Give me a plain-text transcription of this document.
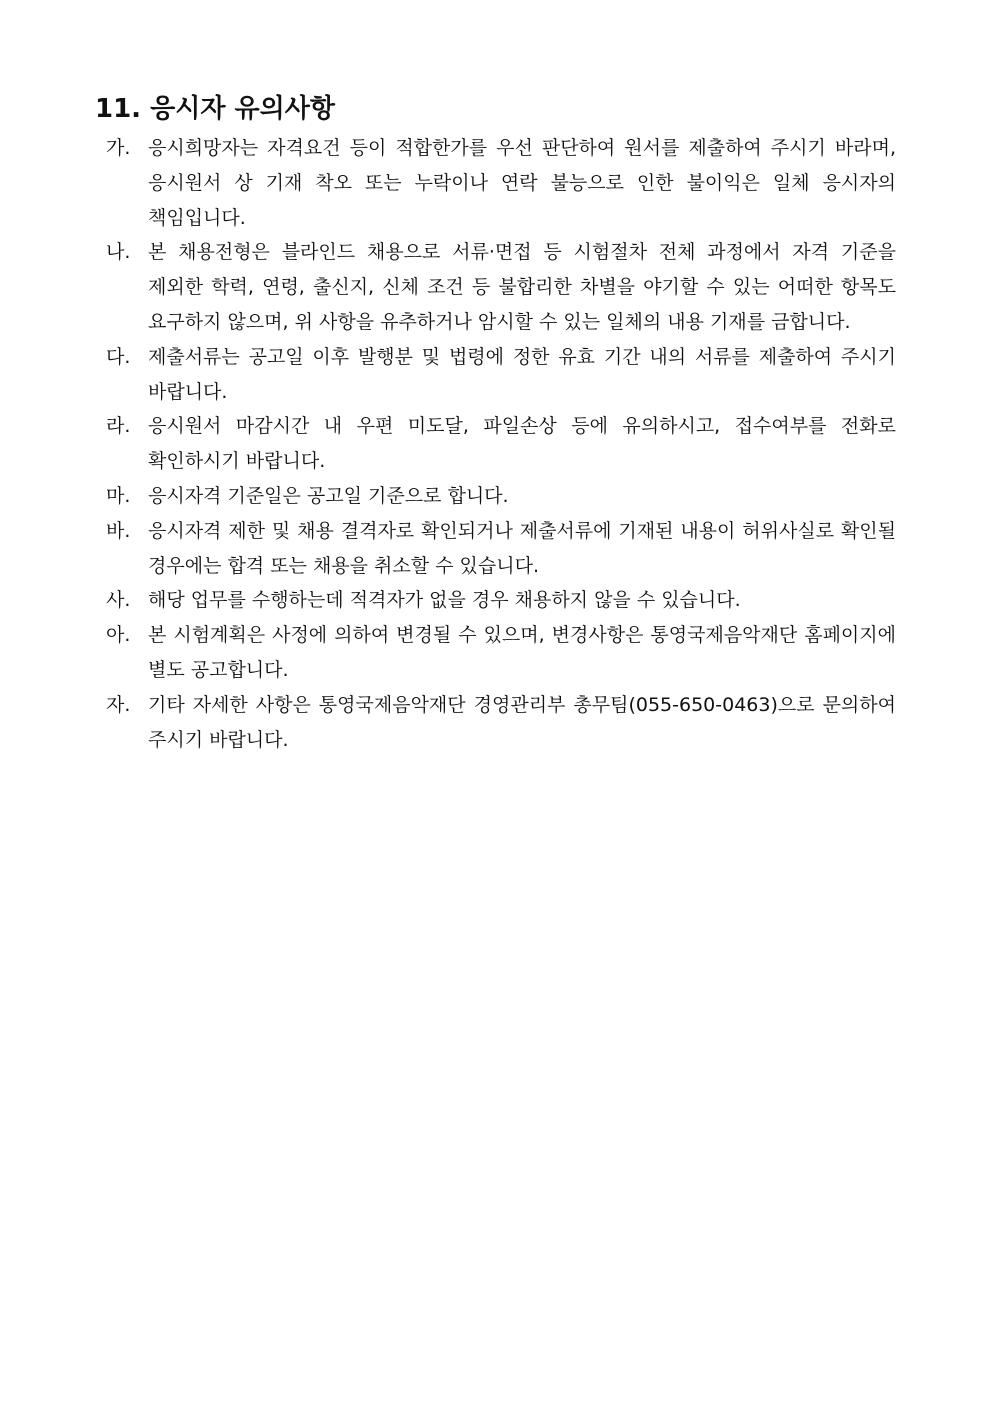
11. 응시자 유의사항
가. 응시희망자는 자격요건 등이 적합한가를 우선 판단하여 원서를 제출하여 주시기 바라며, 응시원서 상 기재 착오 또는 누락이나 연락 불능으로 인한 불이익은 일체 응시자의 책임입니다.
나. 본 채용전형은 블라인드 채용으로 서류·면접 등 시험절차 전체 과정에서 자격 기준을 제외한 학력, 연령, 출신지, 신체 조건 등 불합리한 차별을 야기할 수 있는 어떠한 항목도 요구하지 않으며, 위 사항을 유추하거나 암시할 수 있는 일체의 내용 기재를 금합니다.
다. 제출서류는 공고일 이후 발행분 및 법령에 정한 유효 기간 내의 서류를 제출하여 주시기 바랍니다.
라. 응시원서 마감시간 내 우편 미도달, 파일손상 등에 유의하시고, 접수여부를 전화로 확인하시기 바랍니다.
마. 응시자격 기준일은 공고일 기준으로 합니다.
바. 응시자격 제한 및 채용 결격자로 확인되거나 제출서류에 기재된 내용이 허위사실로 확인될 경우에는 합격 또는 채용을 취소할 수 있습니다.
사. 해당 업무를 수행하는데 적격자가 없을 경우 채용하지 않을 수 있습니다.
아. 본 시험계획은 사정에 의하여 변경될 수 있으며, 변경사항은 통영국제음악재단 홈페이지에 별도 공고합니다.
자. 기타 자세한 사항은 통영국제음악재단 경영관리부 총무팀(055-650-0463)으로 문의하여 주시기 바랍니다.
